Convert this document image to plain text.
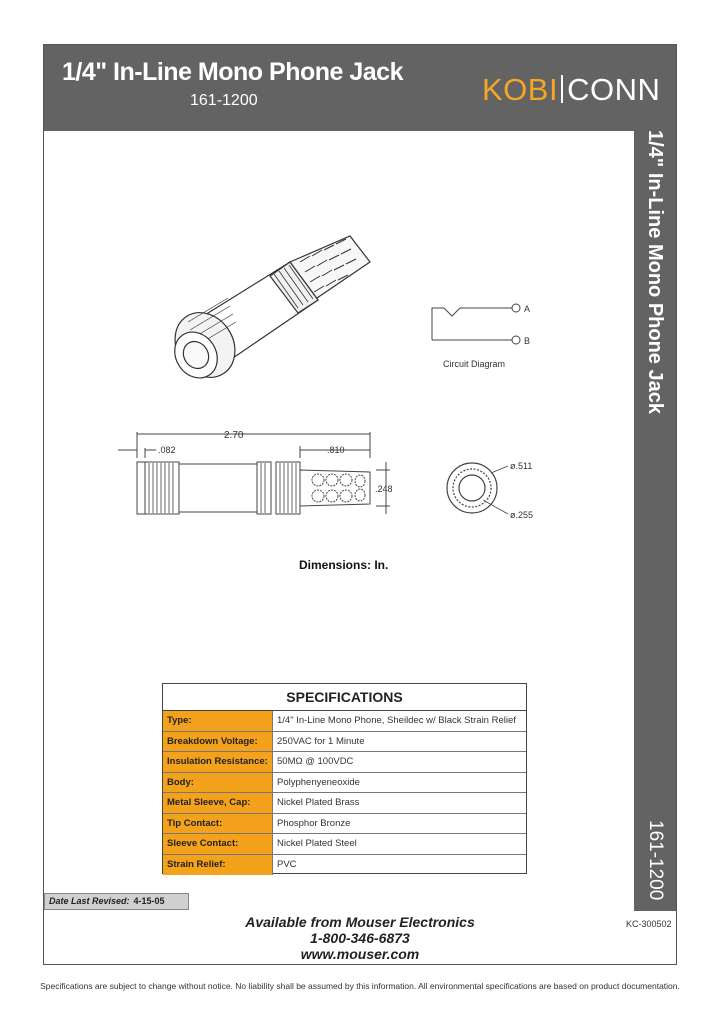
1/4" In-Line Mono Phone Jack
161-1200	KOBI CONN
1/4" In-Line Mono Phone Jack
161-1200
A
B
2.70
.082	.810
.248
ø.511
ø.255
Circuit Diagram
Dimensions: In.
SPECIFICATIONS
Type:	1/4" In-Line Mono Phone, Sheildec w/ Black Strain Relief
Breakdown Voltage:	250VAC for 1 Minute
Insulation Resistance: 50MΩ @ 100VDC
Body:	Polyphenyeneoxide
Metal Sleeve, Cap:	Nickel Plated Brass
Tip Contact:	Phosphor Bronze
Sleeve Contact:	Nickel Plated Steel
Strain Relief:	PVC
Date Last Revised: 4-15-05
KC-300502
Available from Mouser Electronics
1-800-346-6873
www.mouser.com
Specifications are subject to change without notice. No liability shall be assumed by this information. All environmental specifications are based on product documentation.
